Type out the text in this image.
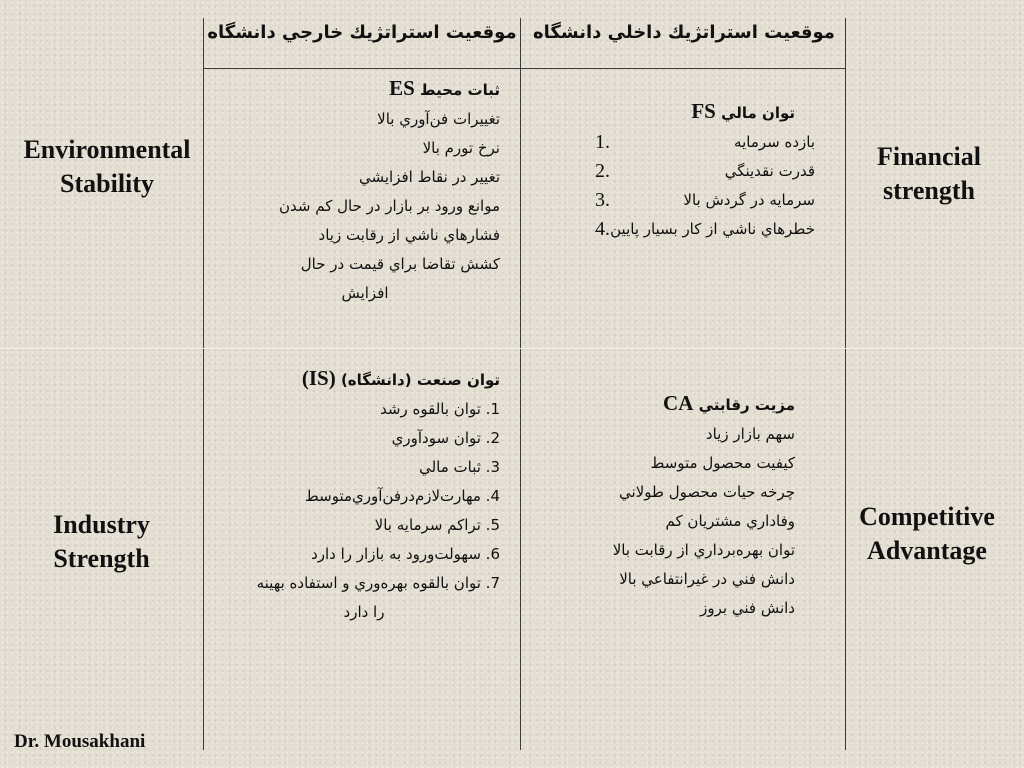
موقعيت استراتژيك داخلي دانشگاه
موقعيت استراتژيك خارجي دانشگاه
Environmental
Stability
Industry
Strength
Financial
strength
Competitive
Advantage
ثبات محيط ES
تغييرات فن‌آوري بالا
نرخ تورم بالا
تغيير در نقاط افزايشي
موانع ورود بر بازار در حال كم شدن
فشارهاي ناشي از رقابت زياد
كشش تقاضا براي قيمت در حال
افزايش
توان مالي FS
بازده سرمايه
1.
قدرت نقدينگي
2.
سرمايه در گردش بالا
3.
خطرهاي ناشي از كار بسيار پايين
4.
توان صنعت (دانشگاه) (IS)
1. توان بالقوه رشد
2. توان سودآوري
3. ثبات مالي
4. مهارت‌لازم‌درفن‌آوري‌متوسط
5. تراكم سرمايه بالا
6. سهولت‌ورود به بازار را دارد
7. توان بالقوه بهره‌وري و استفاده بهينه
را دارد
مزيت رقابتي CA
سهم بازار زياد
كيفيت محصول متوسط
چرخه حيات محصول طولاني
وفاداري مشتريان كم
توان بهره‌برداري از رقابت بالا
دانش فني در غيرانتفاعي بالا
دانش فني بروز
Dr. Mousakhani
